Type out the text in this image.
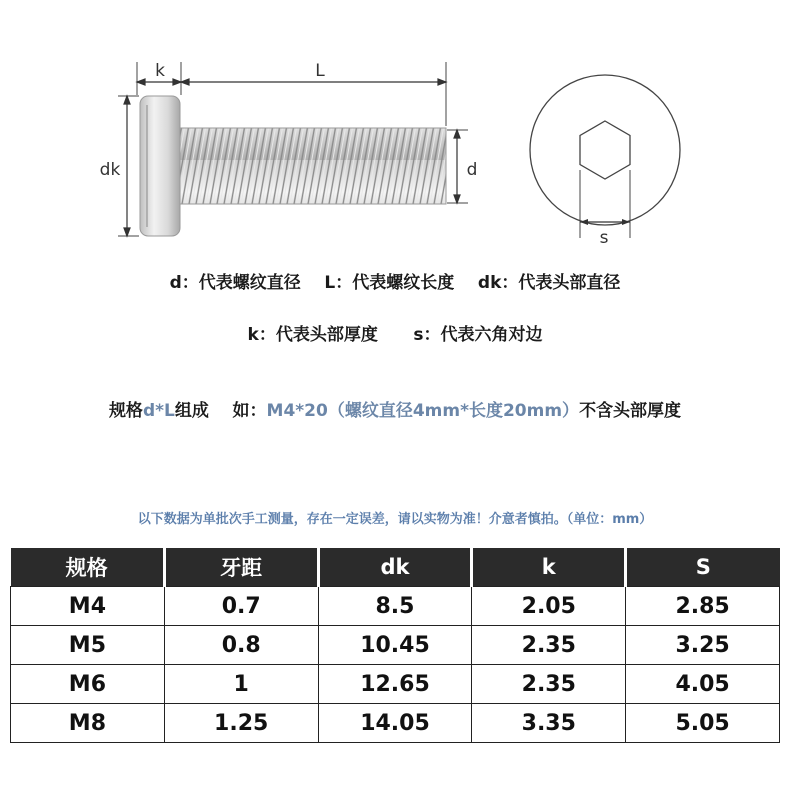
k	L
dk	d
s
d：代表螺纹直径    L：代表螺纹长度    dk：代表头部直径
k：代表头部厚度      s：代表六角对边
规格d*L组成    如：M4*20（螺纹直径4mm*长度20mm）不含头部厚度
以下数据为单批次手工测量，存在一定误差，请以实物为准！介意者慎拍。（单位：mm）
规格	牙距	dk	k	S
M4	0.7	8.5	2.05	2.85
M5	0.8	10.45	2.35	3.25
M6	1	12.65	2.35	4.05
M8	1.25	14.05	3.35	5.05
